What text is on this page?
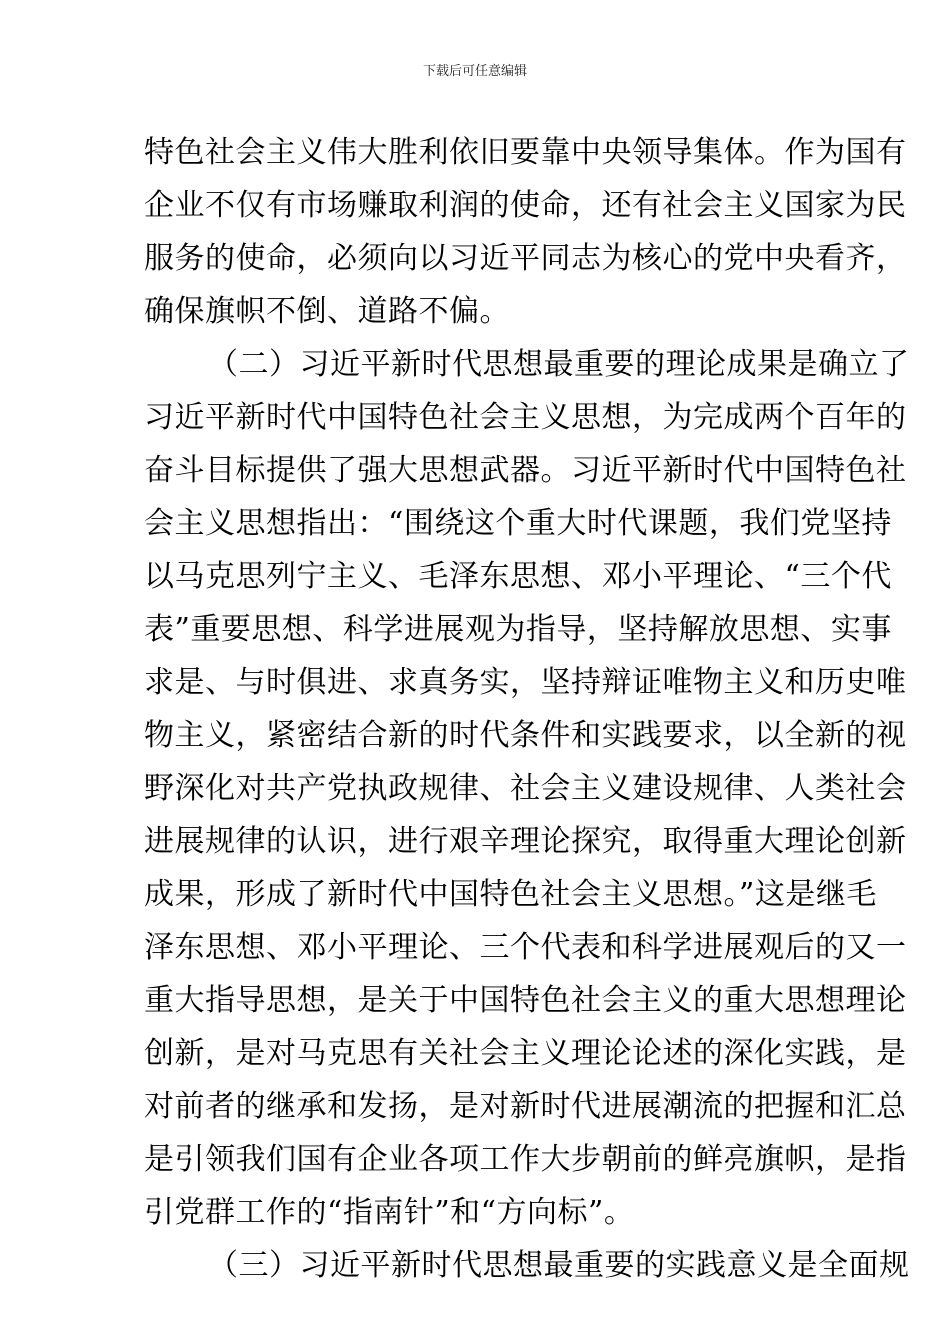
下载后可任意编辑
特色社会主义伟大胜利依旧要靠中央领导集体。作为国有
企业不仅有市场赚取利润的使命，还有社会主义国家为民
服务的使命，必须向以习近平同志为核心的党中央看齐，
确保旗帜不倒、道路不偏。
（二）习近平新时代思想最重要的理论成果是确立了
习近平新时代中国特色社会主义思想，为完成两个百年的
奋斗目标提供了强大思想武器。习近平新时代中国特色社
会主义思想指出：“围绕这个重大时代课题，我们党坚持
以马克思列宁主义、毛泽东思想、邓小平理论、“三个代
表”重要思想、科学进展观为指导，坚持解放思想、实事
求是、与时俱进、求真务实，坚持辩证唯物主义和历史唯
物主义，紧密结合新的时代条件和实践要求，以全新的视
野深化对共产党执政规律、社会主义建设规律、人类社会
进展规律的认识，进行艰辛理论探究，取得重大理论创新
成果，形成了新时代中国特色社会主义思想。”这是继毛
泽东思想、邓小平理论、三个代表和科学进展观后的又一
重大指导思想，是关于中国特色社会主义的重大思想理论
创新，是对马克思有关社会主义理论论述的深化实践，是
对前者的继承和发扬，是对新时代进展潮流的把握和汇总
是引领我们国有企业各项工作大步朝前的鲜亮旗帜，是指
引党群工作的“指南针”和“方向标”。
（三）习近平新时代思想最重要的实践意义是全面规
